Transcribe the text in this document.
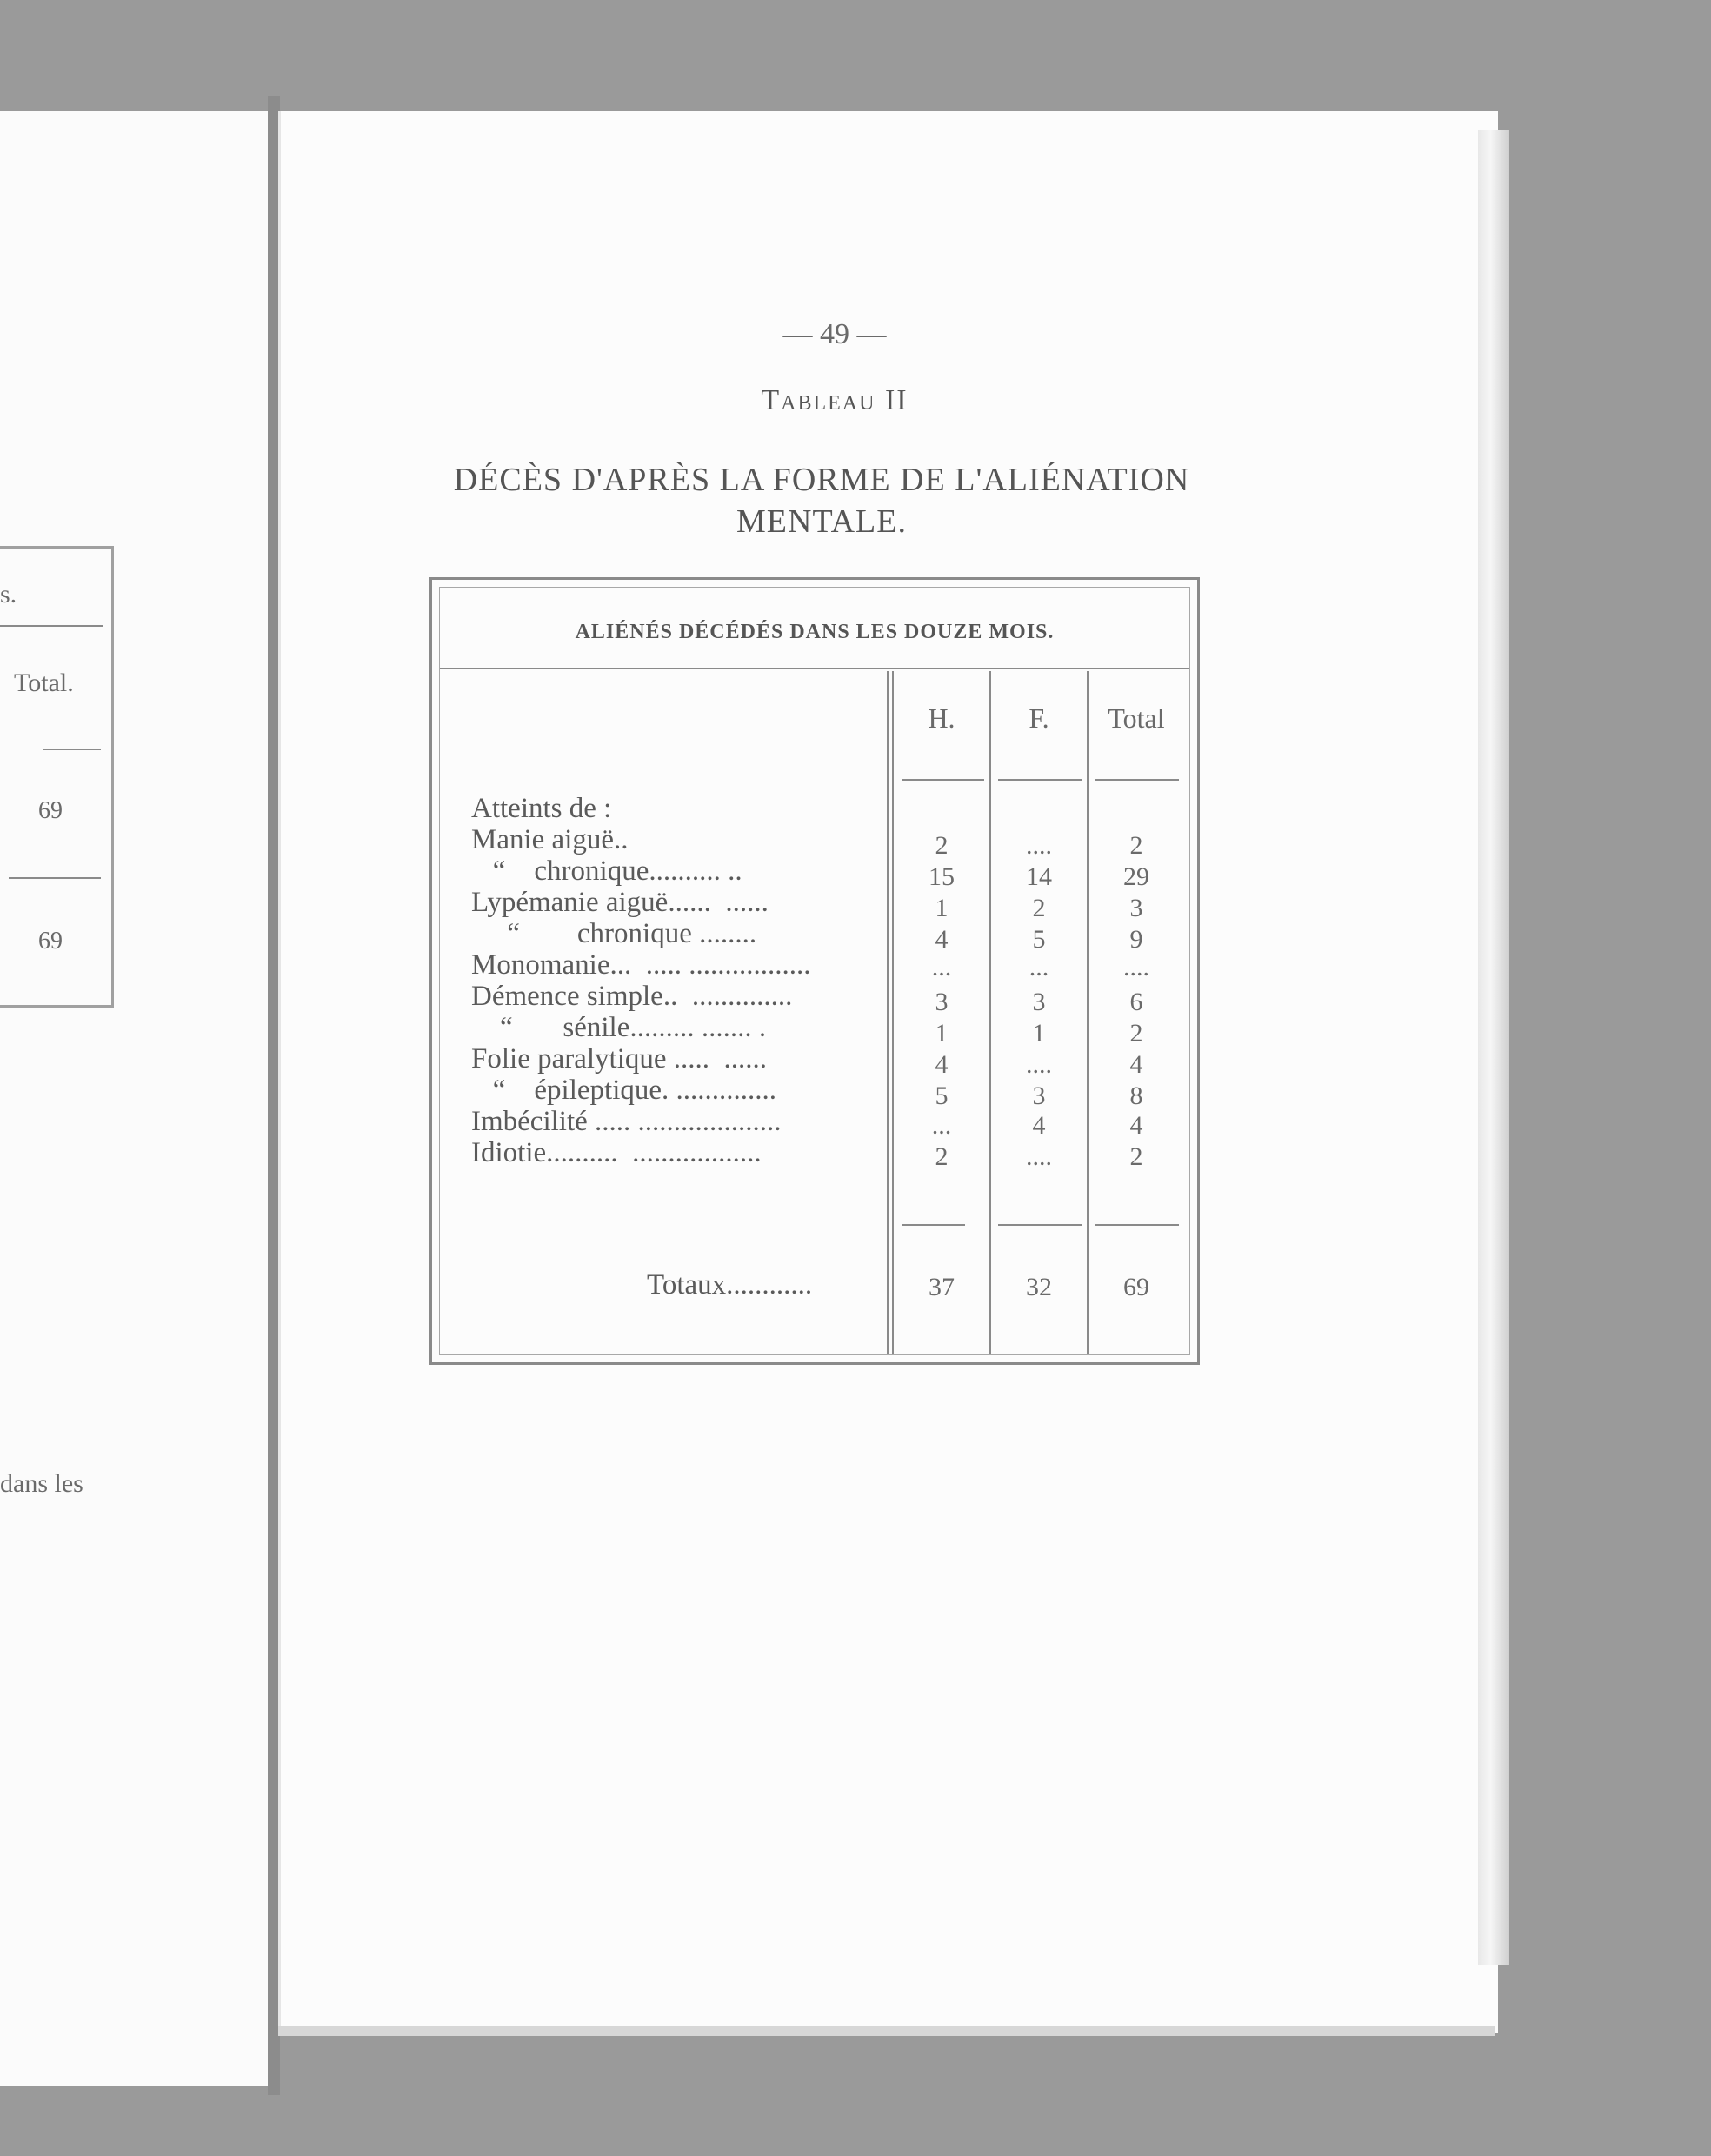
s.
Total.
69
69
dans les
— 49 —
Tableau II
DÉCÈS D'APRÈS LA FORME DE L'ALIÉNATION
MENTALE.
ALIÉNÉS DÉCÉDÉS DANS LES DOUZE MOIS.
H.	F.	Total
Atteints de :
Manie aiguë..	2	....	2
“    chronique.......... ..	15	14	29
Lypémanie aiguë......  ......	1	2	3
“        chronique ........	4	5	9
Monomanie...  ..... .................	...	...	....
Démence simple..  ..............	3	3	6
“       sénile......... ....... .	1	1	2
Folie paralytique .....  ......	4	....	4
“    épileptique. ..............	5	3	8
Imbécilité ..... ....................	...	4	4
Idiotie..........  ..................	2	....	2
Totaux............	37	32	69
